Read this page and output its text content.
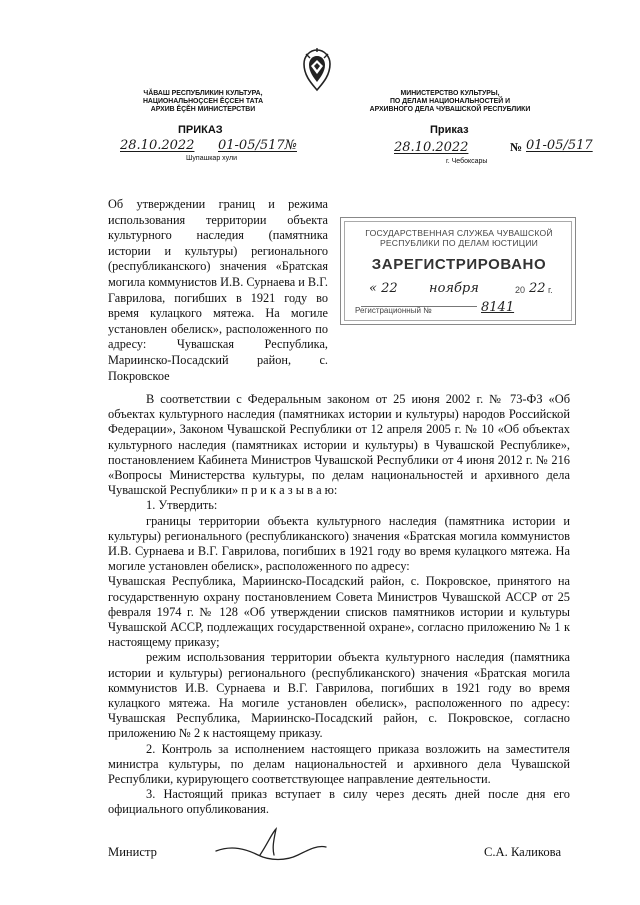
ЧĂВАШ РЕСПУБЛИКИН КУЛЬТУРА,
НАЦИОНАЛЬНОÇСЕН ĔÇСЕН ТАТА
АРХИВ ĔÇĔН МИНИСТЕРСТВИ
ПРИКАЗ
28.10.2022 01-05/517№
Шупашкар хули
МИНИСТЕРСТВО КУЛЬТУРЫ,
ПО ДЕЛАМ НАЦИОНАЛЬНОСТЕЙ И
АРХИВНОГО ДЕЛА ЧУВАШСКОЙ РЕСПУБЛИКИ
Приказ
28.10.2022	№ 01-05/517
г. Чебоксары
Об утверждении границ и режима использования территории объекта культурного наследия (памятника истории и культуры) регионального (республиканского) значения «Братская могила коммунистов И.В. Сурнаева и В.Г. Гаврилова, погибших в 1921 году во время кулацкого мятежа. На могиле установлен обелиск», расположенного по адресу: Чувашская Республика, Мариинско-Посадский район, с. Покровское
ГОСУДАРСТВЕННАЯ СЛУЖБА ЧУВАШСКОЙ
РЕСПУБЛИКИ ПО ДЕЛАМ ЮСТИЦИИ
ЗАРЕГИСТРИРОВАНО
« 22 ноября	20 22 г.
Регистрационный №	8141

В соответствии с Федеральным законом от 25 июня 2002 г. № 73-ФЗ «Об объектах культурного наследия (памятниках истории и культуры) народов Российской Федерации», Законом Чувашской Республики от 12 апреля 2005 г. № 10 «Об объектах культурного наследия (памятниках истории и культуры) в Чувашской Республике», постановлением Кабинета Министров Чувашской Республики от 4 июня 2012 г. № 216 «Вопросы Министерства культуры, по делам национальностей и архивного дела Чувашской Республики» п р и к а з ы в а ю:

1. Утвердить:

границы территории объекта культурного наследия (памятника истории и культуры) регионального (республиканского) значения «Братская могила коммунистов И.В. Сурнаева и В.Г. Гаврилова, погибших в 1921 году во время кулацкого мятежа. На могиле установлен обелиск», расположенного по адресу:

Чувашская Республика, Мариинско-Посадский район, с. Покровское, принятого на государственную охрану постановлением Совета Министров Чувашской АССР от 25 февраля 1974 г. № 128 «Об утверждении списков памятников истории и культуры Чувашской АССР, подлежащих государственной охране», согласно приложению № 1 к настоящему приказу;

режим использования территории объекта культурного наследия (памятника истории и культуры) регионального (республиканского) значения «Братская могила коммунистов И.В. Сурнаева и В.Г. Гаврилова, погибших в 1921 году во время кулацкого мятежа. На могиле установлен обелиск», расположенного по адресу: Чувашская Республика, Мариинско-Посадский район, с. Покровское, согласно приложению № 2 к настоящему приказу.

2. Контроль за исполнением настоящего приказа возложить на заместителя министра культуры, по делам национальностей и архивного дела Чувашской Республики, курирующего соответствующее направление деятельности.

3. Настоящий приказ вступает в силу через десять дней после дня его официального опубликования.

Министр	С.А. Каликова
